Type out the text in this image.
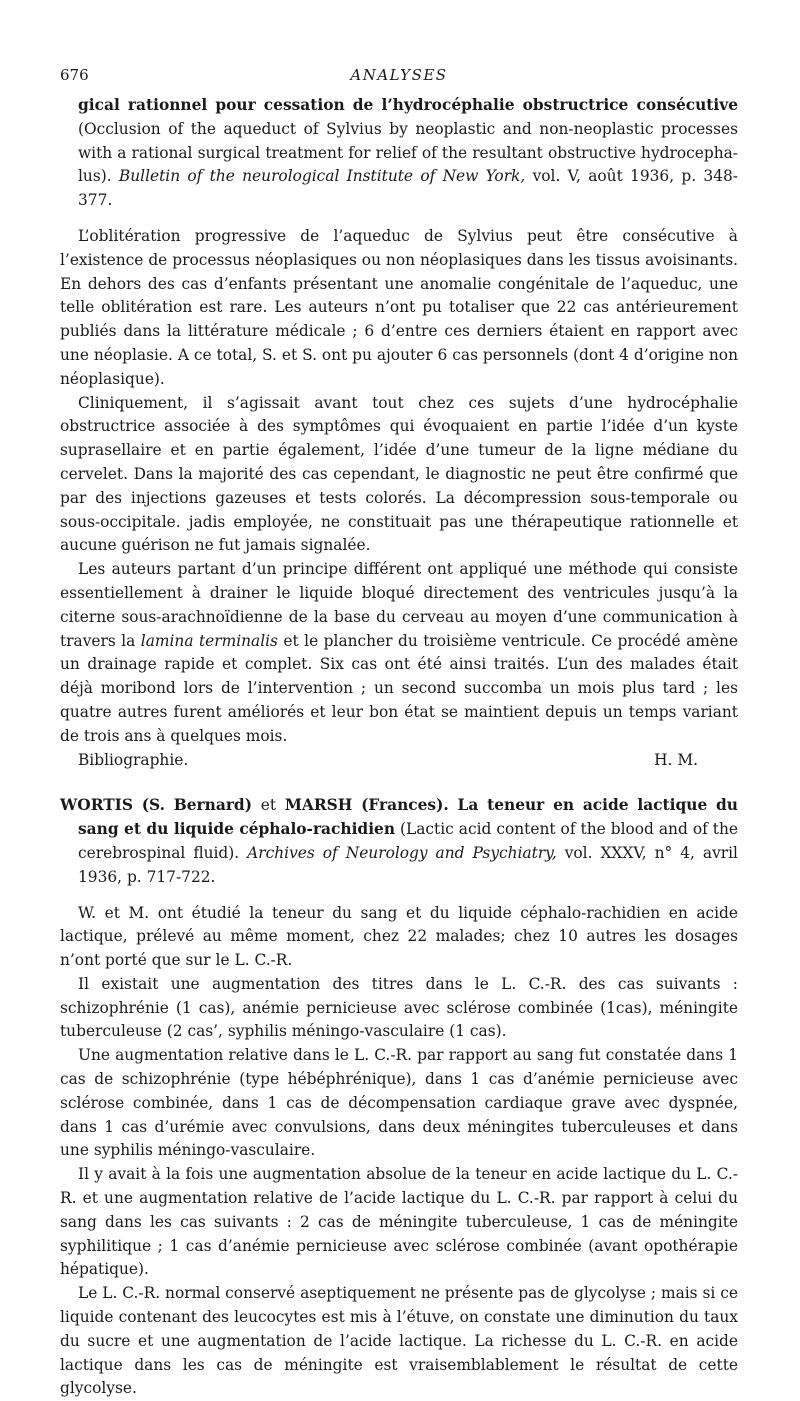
676	ANALYSES
gical rationnel pour cessation de l’hydrocéphalie obstructrice consécutive (Occlusion of the aqueduct of Sylvius by neoplastic and non-neoplastic processes with a rational surgical treatment for relief of the resultant obstructive hydrocepha-lus). Bulletin of the neurological Institute of New York, vol. V, août 1936, p. 348-377.

L’oblitération progressive de l’aqueduc de Sylvius peut être consécutive à l’existence de processus néoplasiques ou non néoplasiques dans les tissus avoisinants. En dehors des cas d’enfants présentant une anomalie congénitale de l’aqueduc, une telle oblitération est rare. Les auteurs n’ont pu totaliser que 22 cas antérieurement publiés dans la littérature médicale ; 6 d’entre ces derniers étaient en rapport avec une néoplasie. A ce total, S. et S. ont pu ajouter 6 cas personnels (dont 4 d’origine non néoplasique).

Cliniquement, il s’agissait avant tout chez ces sujets d’une hydrocéphalie obstructrice associée à des symptômes qui évoquaient en partie l’idée d’un kyste suprasellaire et en partie également, l’idée d’une tumeur de la ligne médiane du cervelet. Dans la majorité des cas cependant, le diagnostic ne peut être confirmé que par des injections gazeuses et tests colorés. La décompression sous-temporale ou sous-occipitale. jadis employée, ne constituait pas une thérapeutique rationnelle et aucune guérison ne fut jamais signalée.

Les auteurs partant d’un principe différent ont appliqué une méthode qui consiste essentiellement à drainer le liquide bloqué directement des ventricules jusqu’à la citerne sous-arachnoïdienne de la base du cerveau au moyen d’une communication à travers la lamina terminalis et le plancher du troisième ventricule. Ce procédé amène un drainage rapide et complet. Six cas ont été ainsi traités. L’un des malades était déjà moribond lors de l’intervention ; un second succomba un mois plus tard ; les quatre autres furent améliorés et leur bon état se maintient depuis un temps variant de trois ans à quelques mois.

Bibliographie.	H. M.
WORTIS (S. Bernard) et MARSH (Frances). La teneur en acide lactique du sang et du liquide céphalo-rachidien (Lactic acid content of the blood and of the cerebrospinal fluid). Archives of Neurology and Psychiatry, vol. XXXV, n° 4, avril 1936, p. 717-722.

W. et M. ont étudié la teneur du sang et du liquide céphalo-rachidien en acide lactique, prélevé au même moment, chez 22 malades; chez 10 autres les dosages n’ont porté que sur le L. C.-R.

Il existait une augmentation des titres dans le L. C.-R. des cas suivants : schizophrénie (1 cas), anémie pernicieuse avec sclérose combinée (1cas), méningite tuberculeuse (2 cas’, syphilis méningo-vasculaire (1 cas).

Une augmentation relative dans le L. C.-R. par rapport au sang fut constatée dans 1 cas de schizophrénie (type hébéphrénique), dans 1 cas d’anémie pernicieuse avec sclérose combinée, dans 1 cas de décompensation cardiaque grave avec dyspnée, dans 1 cas d’urémie avec convulsions, dans deux méningites tuberculeuses et dans une syphilis méningo-vasculaire.

Il y avait à la fois une augmentation absolue de la teneur en acide lactique du L. C.-R. et une augmentation relative de l’acide lactique du L. C.-R. par rapport à celui du sang dans les cas suivants : 2 cas de méningite tuberculeuse, 1 cas de méningite syphilitique ; 1 cas d’anémie pernicieuse avec sclérose combinée (avant opothérapie hépatique).

Le L. C.-R. normal conservé aseptiquement ne présente pas de glycolyse ; mais si ce liquide contenant des leucocytes est mis à l’étuve, on constate une diminution du taux du sucre et une augmentation de l’acide lactique. La richesse du L. C.-R. en acide lactique dans les cas de méningite est vraisemblablement le résultat de cette glycolyse.
